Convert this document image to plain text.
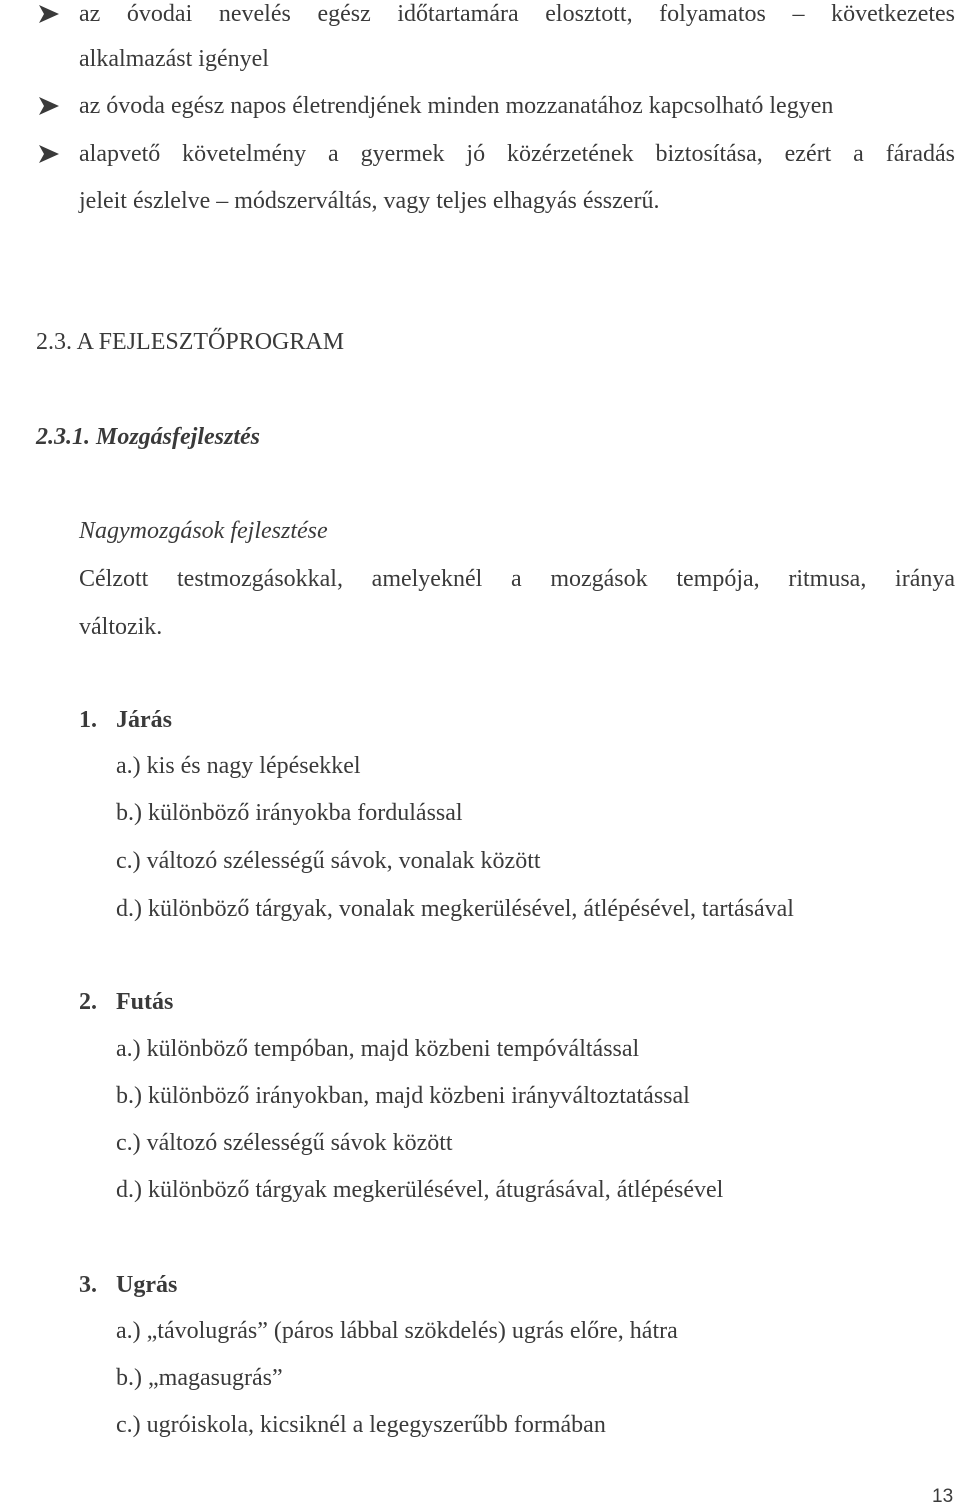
az óvodai nevelés egész időtartamára elosztott, folyamatos – következetes
alkalmazást igényel
az óvoda egész napos életrendjének minden mozzanatához kapcsolható legyen
alapvető követelmény a gyermek jó közérzetének biztosítása, ezért a fáradás
jeleit észlelve – módszerváltás, vagy teljes elhagyás ésszerű.
2.3. A FEJLESZTŐPROGRAM
2.3.1. Mozgásfejlesztés
Nagymozgások fejlesztése
Célzott testmozgásokkal, amelyeknél a mozgások tempója, ritmusa, iránya
változik.
1. Járás
a.) kis és nagy lépésekkel
b.) különböző irányokba fordulással
c.) változó szélességű sávok, vonalak között
d.) különböző tárgyak, vonalak megkerülésével, átlépésével, tartásával
2. Futás
a.) különböző tempóban, majd közbeni tempóváltással
b.) különböző irányokban, majd közbeni irányváltoztatással
c.) változó szélességű sávok között
d.) különböző tárgyak megkerülésével, átugrásával, átlépésével
3. Ugrás
a.) „távolugrás” (páros lábbal szökdelés) ugrás előre, hátra
b.) „magasugrás”
c.) ugróiskola, kicsiknél a legegyszerűbb formában
13
